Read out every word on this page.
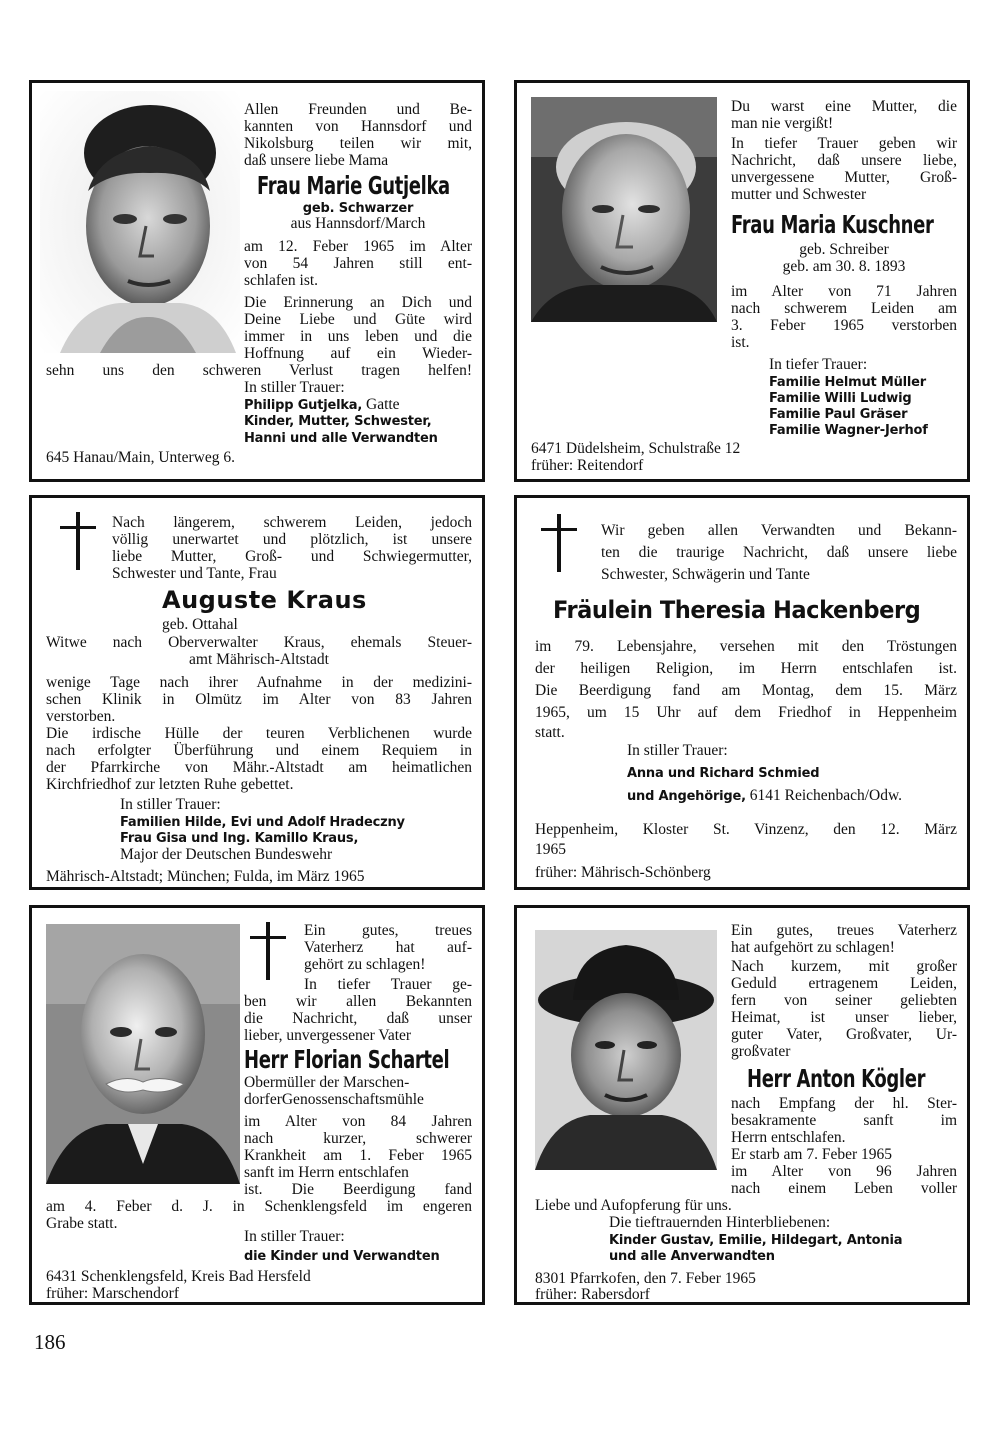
Allen Freunden und Be-
kannten von Hannsdorf und
Nikolsburg teilen wir mit,
daß unsere liebe Mama
Frau Marie Gutjelka
geb. Schwarzer
aus Hannsdorf/March
am 12. Feber 1965 im Alter
von 54 Jahren still ent-
schlafen ist.
Die Erinnerung an Dich und
Deine Liebe und Güte wird
immer in uns leben und die
Hoffnung auf ein Wieder-
sehn uns den schweren Verlust tragen helfen!
In stiller Trauer:
Philipp Gutjelka, Gatte
Kinder, Mutter, Schwester,
Hanni und alle Verwandten
645 Hanau/Main, Unterweg 6.
Du warst eine Mutter, die
man nie vergißt!
In tiefer Trauer geben wir
Nachricht, daß unsere liebe,
unvergessene Mutter, Groß-
mutter und Schwester
Frau Maria Kuschner
geb. Schreiber
geb. am 30. 8. 1893
im Alter von 71 Jahren
nach schwerem Leiden am
3. Feber 1965 verstorben
ist.
In tiefer Trauer:
Familie Helmut Müller
Familie Willi Ludwig
Familie Paul Gräser
Familie Wagner-Jerhof
6471 Düdelsheim, Schulstraße 12
früher: Reitendorf
Nach längerem, schwerem Leiden, jedoch
völlig unerwartet und plötzlich, ist unsere
liebe Mutter, Groß- und Schwiegermutter,
Schwester und Tante, Frau
Auguste Kraus
geb. Ottahal
Witwe nach Oberverwalter Kraus, ehemals Steuer-
amt Mährisch-Altstadt
wenige Tage nach ihrer Aufnahme in der medizini-
schen Klinik in Olmütz im Alter von 83 Jahren
verstorben.
Die irdische Hülle der teuren Verblichenen wurde
nach erfolgter Überführung und einem Requiem in
der Pfarrkirche von Mähr.-Altstadt am heimatlichen
Kirchfriedhof zur letzten Ruhe gebettet.
In stiller Trauer:
Familien Hilde, Evi und Adolf Hradeczny
Frau Gisa und Ing. Kamillo Kraus,
Major der Deutschen Bundeswehr
Mährisch-Altstadt; München; Fulda, im März 1965
Wir geben allen Verwandten und Bekann-
ten die traurige Nachricht, daß unsere liebe
Schwester, Schwägerin und Tante
Fräulein Theresia Hackenberg
im 79. Lebensjahre, versehen mit den Tröstungen
der heiligen Religion, im Herrn entschlafen ist.
Die Beerdigung fand am Montag, dem 15. März
1965, um 15 Uhr auf dem Friedhof in Heppenheim
statt.
In stiller Trauer:
Anna und Richard Schmied
und Angehörige, 6141 Reichenbach/Odw.
Heppenheim, Kloster St. Vinzenz, den 12. März
1965
früher: Mährisch-Schönberg
Ein gutes, treues
Vaterherz hat auf-
gehört zu schlagen!
In tiefer Trauer ge-
ben wir allen Bekannten
die Nachricht, daß unser
lieber, unvergessener Vater
Herr Florian Schartel
Obermüller der Marschen-
dorferGenossenschaftsmühle
im Alter von 84 Jahren
nach kurzer, schwerer
Krankheit am 1. Feber 1965
sanft im Herrn entschlafen
ist. Die Beerdigung fand
am 4. Feber d. J. in Schenklengsfeld im engeren
Grabe statt.
In stiller Trauer:
die Kinder und Verwandten
6431 Schenklengsfeld, Kreis Bad Hersfeld
früher: Marschendorf
Ein gutes, treues Vaterherz
hat aufgehört zu schlagen!
Nach kurzem, mit großer
Geduld ertragenem Leiden,
fern von seiner geliebten
Heimat, ist unser lieber,
guter Vater, Großvater, Ur-
großvater
Herr Anton Kögler
nach Empfang der hl. Ster-
besakramente sanft im
Herrn entschlafen.
Er starb am 7. Feber 1965
im Alter von 96 Jahren
nach einem Leben voller
Liebe und Aufopferung für uns.
Die tieftrauernden Hinterbliebenen:
Kinder Gustav, Emilie, Hildegart, Antonia
und alle Anverwandten
8301 Pfarrkofen, den 7. Feber 1965
früher: Rabersdorf
186
